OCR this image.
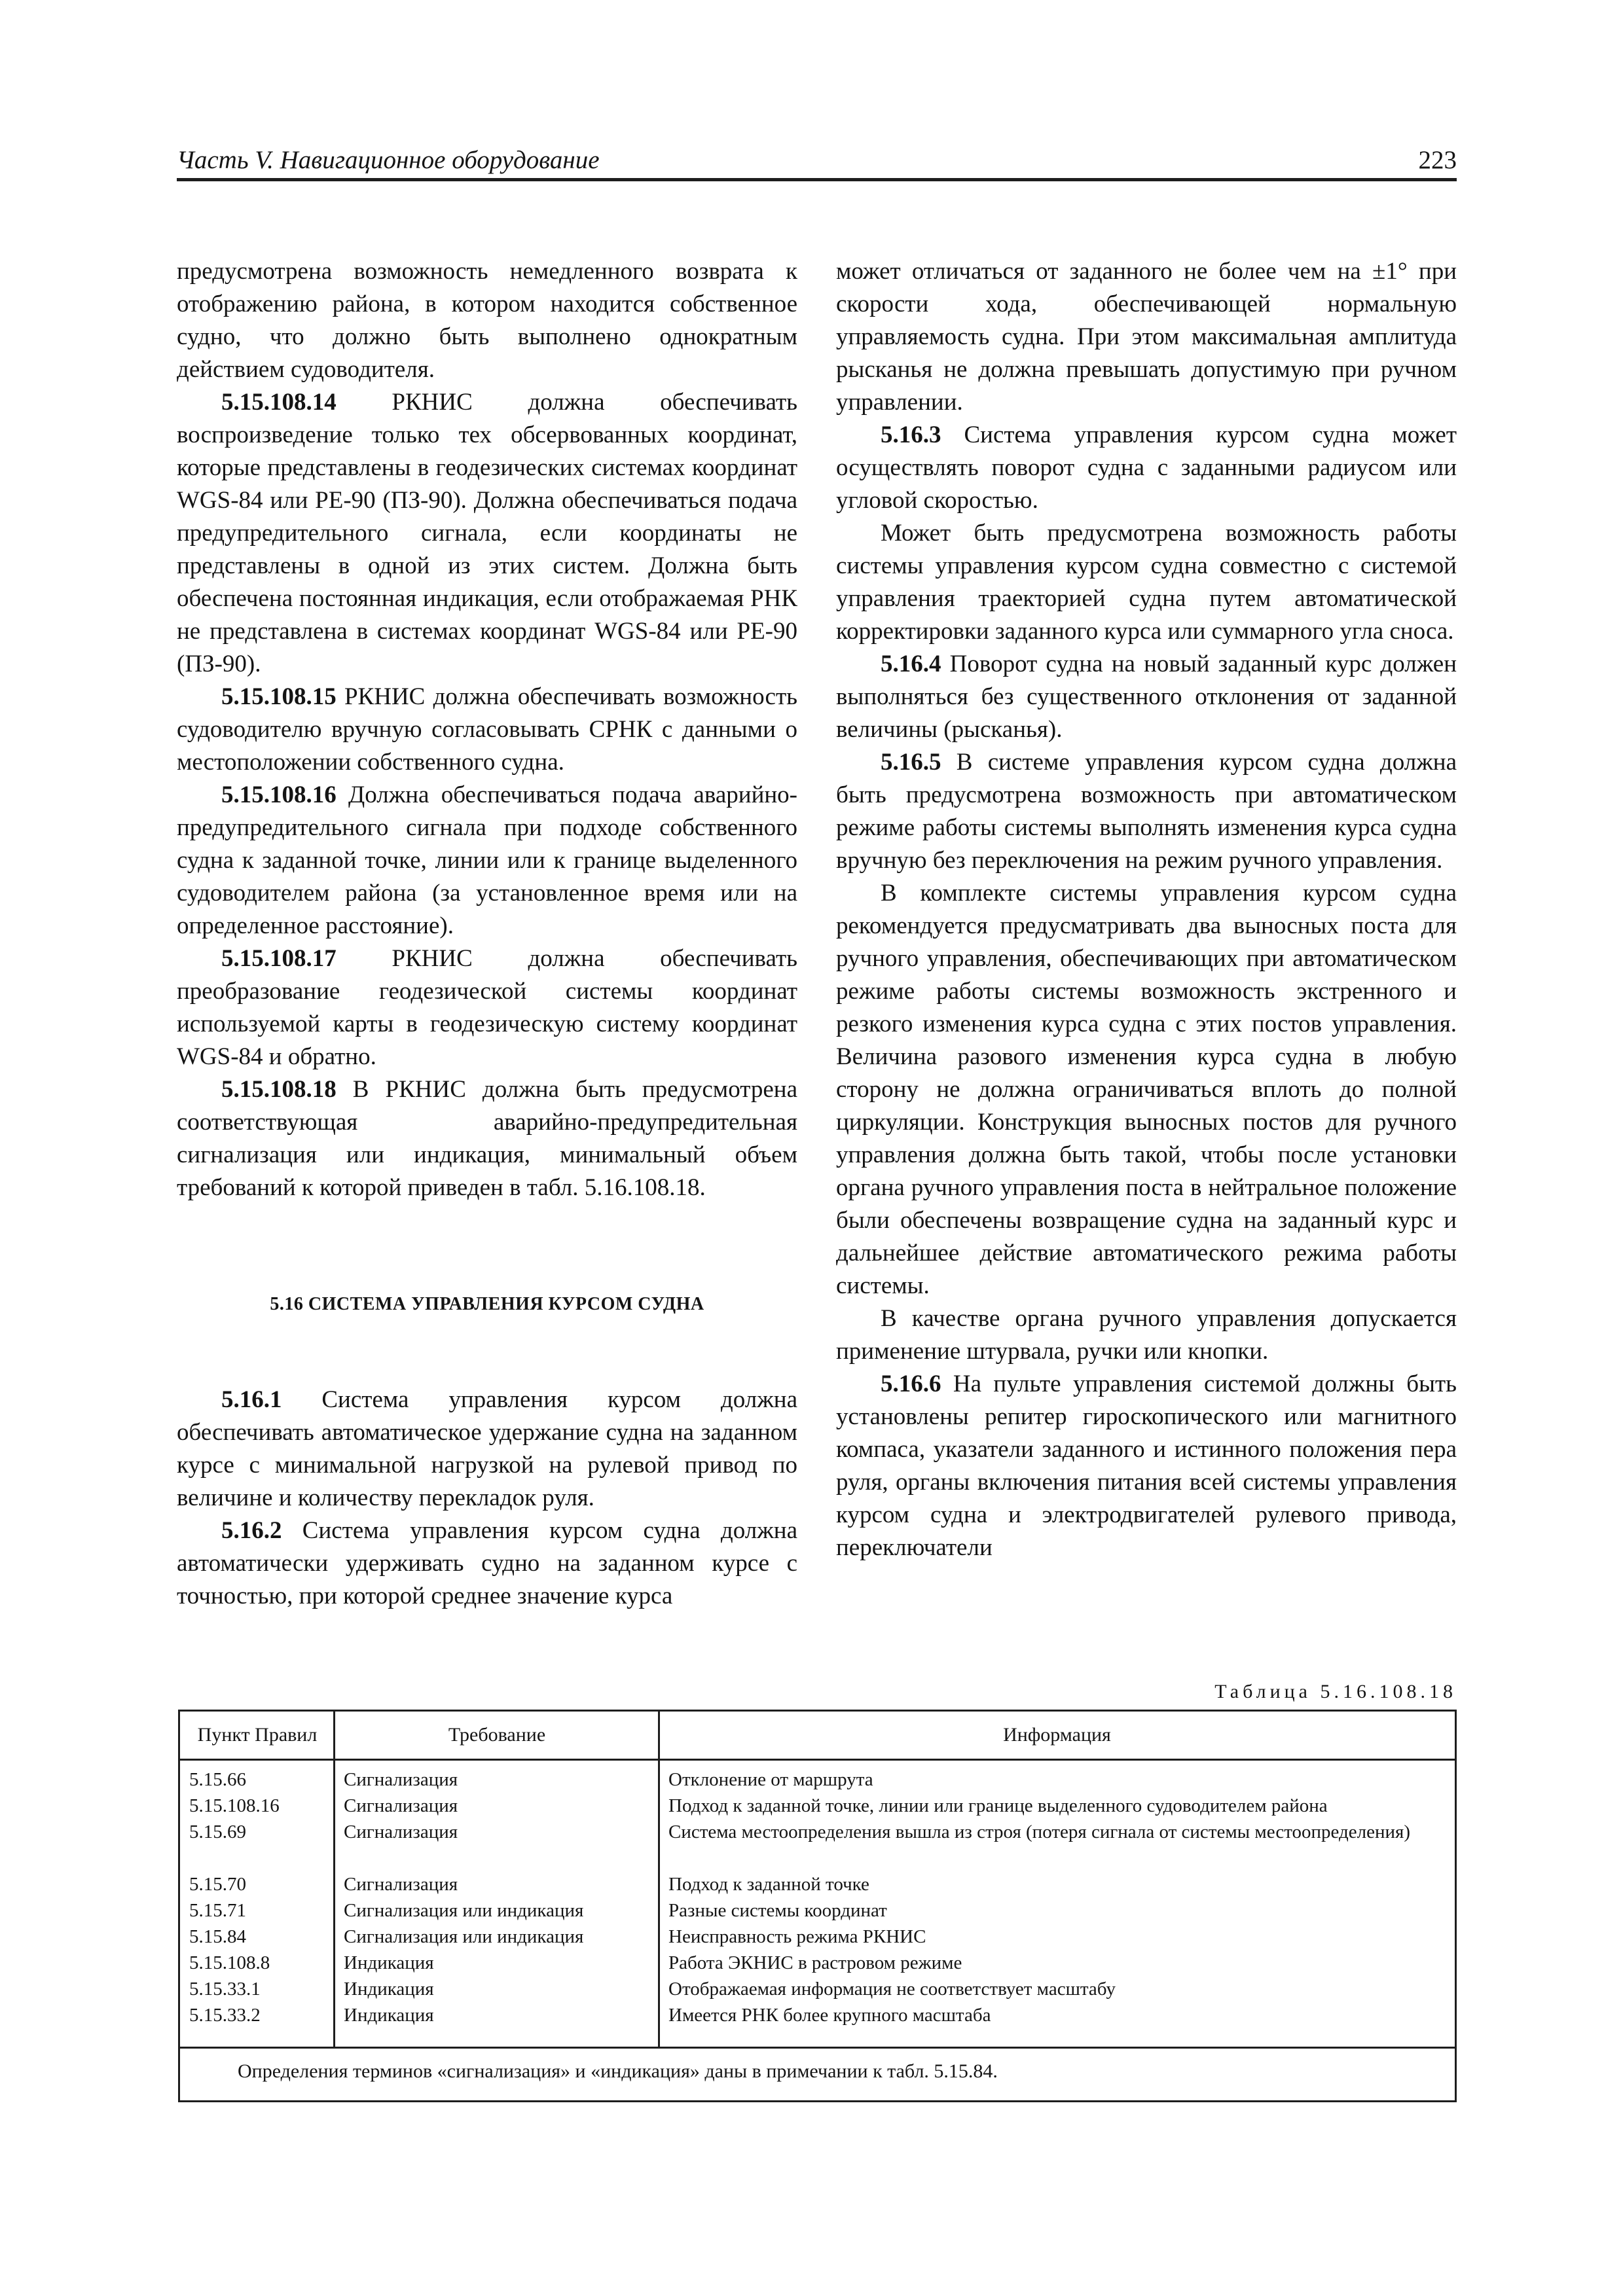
Часть V. Навигационное оборудование	223

предусмотрена возможность немедленного возврата к отображению района, в котором находится собственное судно, что должно быть выполнено однократным действием судоводителя.

5.15.108.14 РКНИС должна обеспечивать воспроизведение только тех обсервованных координат, которые представлены в геодезических системах координат WGS-84 или PE-90 (ПЗ-90). Должна обеспечиваться подача предупредительного сигнала, если координаты не представлены в одной из этих систем. Должна быть обеспечена постоянная индикация, если отображаемая РНК не представлена в системах координат WGS-84 или PE-90 (ПЗ-90).

5.15.108.15 РКНИС должна обеспечивать возможность судоводителю вручную согласовывать СРНК с данными о местоположении собственного судна.

5.15.108.16 Должна обеспечиваться подача аварийно-предупредительного сигнала при подходе собственного судна к заданной точке, линии или к границе выделенного судоводителем района (за установленное время или на определенное расстояние).

5.15.108.17 РКНИС должна обеспечивать преобразование геодезической системы координат используемой карты в геодезическую систему координат WGS-84 и обратно.

5.15.108.18 В РКНИС должна быть предусмотрена соответствующая аварийно-предупредительная сигнализация или индикация, минимальный объем требований к которой приведен в табл. 5.16.108.18.

5.16 СИСТЕМА УПРАВЛЕНИЯ КУРСОМ СУДНА

5.16.1 Система управления курсом должна обеспечивать автоматическое удержание судна на заданном курсе с минимальной нагрузкой на рулевой привод по величине и количеству перекладок руля.

5.16.2 Система управления курсом судна должна автоматически удерживать судно на заданном курсе с точностью, при которой среднее значение курса

может отличаться от заданного не более чем на ±1° при скорости хода, обеспечивающей нормальную управляемость судна. При этом максимальная амплитуда рысканья не должна превышать допустимую при ручном управлении.

5.16.3 Система управления курсом судна может осуществлять поворот судна с заданными радиусом или угловой скоростью.

Может быть предусмотрена возможность работы системы управления курсом судна совместно с системой управления траекторией судна путем автоматической корректировки заданного курса или суммарного угла сноса.

5.16.4 Поворот судна на новый заданный курс должен выполняться без существенного отклонения от заданной величины (рысканья).

5.16.5 В системе управления курсом судна должна быть предусмотрена возможность при автоматическом режиме работы системы выполнять изменения курса судна вручную без переключения на режим ручного управления.

В комплекте системы управления курсом судна рекомендуется предусматривать два выносных поста для ручного управления, обеспечивающих при автоматическом режиме работы системы возможность экстренного и резкого изменения курса судна с этих постов управления. Величина разового изменения курса судна в любую сторону не должна ограничиваться вплоть до полной циркуляции. Конструкция выносных постов для ручного управления должна быть такой, чтобы после установки органа ручного управления поста в нейтральное положение были обеспечены возвращение судна на заданный курс и дальнейшее действие автоматического режима работы системы.

В качестве органа ручного управления допускается применение штурвала, ручки или кнопки.

5.16.6 На пульте управления системой должны быть установлены репитер гироскопического или магнитного компаса, указатели заданного и истинного положения пера руля, органы включения питания всей системы управления курсом судна и электродвигателей рулевого привода, переключатели

Таблица 5.16.108.18
Пункт Правил	Требование	Информация
5.15.66	Сигнализация	Отклонение от маршрута
5.15.108.16	Сигнализация	Подход к заданной точке, линии или границе выделенного судоводителем района
5.15.69	Сигнализация	Система местоопределения вышла из строя (потеря сигнала от системы местоопределения)
5.15.70	Сигнализация	Подход к заданной точке
5.15.71	Сигнализация или индикация	Разные системы координат
5.15.84	Сигнализация или индикация	Неисправность режима РКНИС
5.15.108.8	Индикация	Работа ЭКНИС в растровом режиме
5.15.33.1	Индикация	Отображаемая информация не соответствует масштабу
5.15.33.2	Индикация	Имеется РНК более крупного масштаба
Определения терминов «сигнализация» и «индикация» даны в примечании к табл. 5.15.84.
